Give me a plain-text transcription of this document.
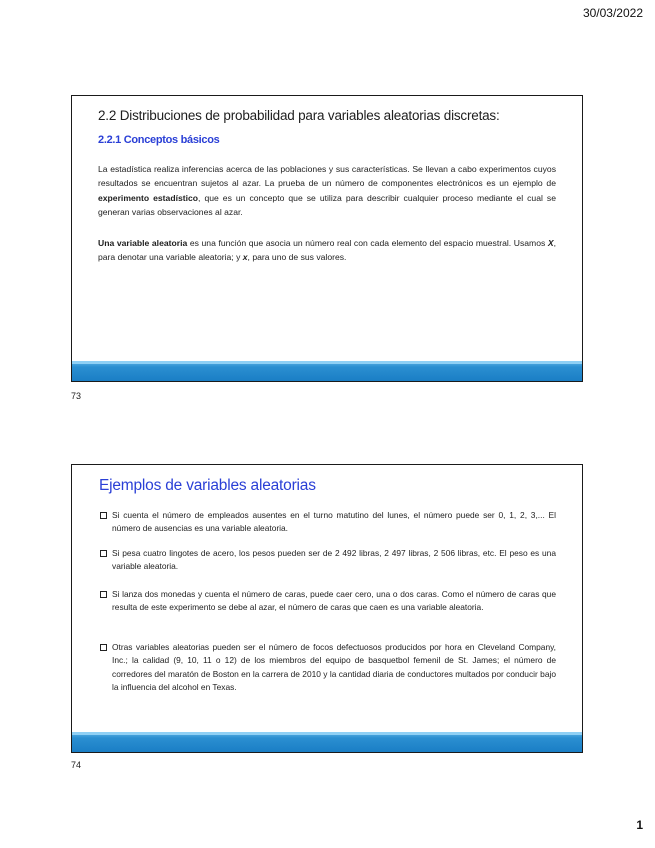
30/03/2022
2.2 Distribuciones de probabilidad para variables aleatorias discretas:
2.2.1 Conceptos básicos

La estadística realiza inferencias acerca de las poblaciones y sus características. Se llevan a cabo experimentos cuyos resultados se encuentran sujetos al azar. La prueba de un número de componentes electrónicos es un ejemplo de experimento estadístico, que es un concepto que se utiliza para describir cualquier proceso mediante el cual se generan varias observaciones al azar.

Una variable aleatoria es una función que asocia un número real con cada elemento del espacio muestral. Usamos X, para denotar una variable aleatoria; y x, para uno de sus valores.

73
Ejemplos de variables aleatorias
Si cuenta el número de empleados ausentes en el turno matutino del lunes, el número puede ser 0, 1, 2, 3,... El número de ausencias es una variable aleatoria.
Si pesa cuatro lingotes de acero, los pesos pueden ser de 2 492 libras, 2 497 libras, 2 506 libras, etc. El peso es una variable aleatoria.
Si lanza dos monedas y cuenta el número de caras, puede caer cero, una o dos caras. Como el número de caras que resulta de este experimento se debe al azar, el número de caras que caen es una variable aleatoria.
Otras variables aleatorias pueden ser el número de focos defectuosos producidos por hora en Cleveland Company, Inc.; la calidad (9, 10, 11 o 12) de los miembros del equipo de basquetbol femenil de St. James; el número de corredores del maratón de Boston en la carrera de 2010 y la cantidad diaria de conductores multados por conducir bajo la influencia del alcohol en Texas.
74
1
